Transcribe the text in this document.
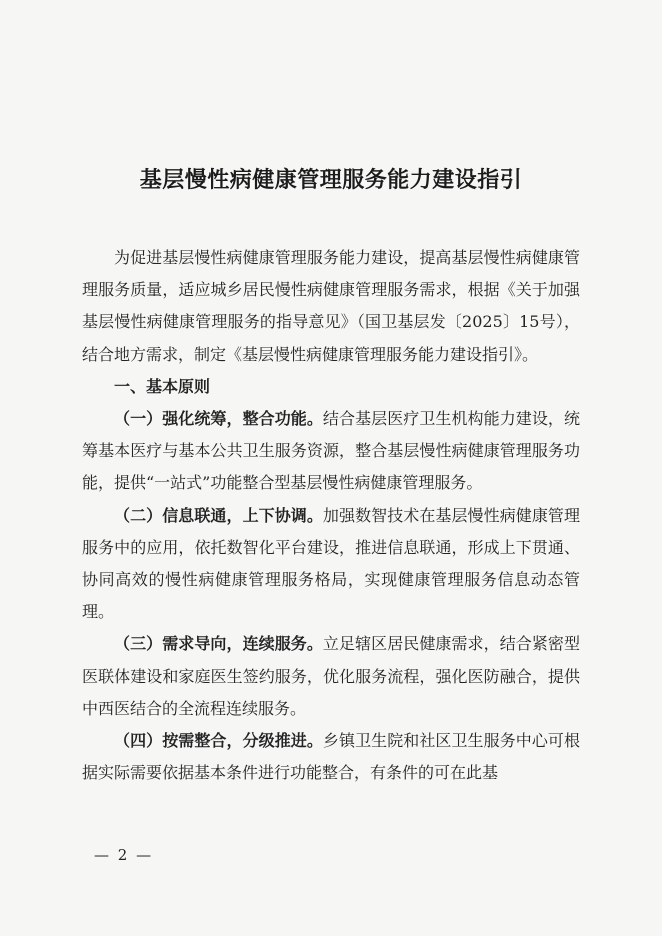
基层慢性病健康管理服务能力建设指引

为促进基层慢性病健康管理服务能力建设，提高基层慢性病健康管理服务质量，适应城乡居民慢性病健康管理服务需求，根据《关于加强基层慢性病健康管理服务的指导意见》（国卫基层发〔2025〕15号），结合地方需求，制定《基层慢性病健康管理服务能力建设指引》。

一、基本原则

（一）强化统筹，整合功能。结合基层医疗卫生机构能力建设，统筹基本医疗与基本公共卫生服务资源，整合基层慢性病健康管理服务功能，提供“一站式”功能整合型基层慢性病健康管理服务。

（二）信息联通，上下协调。加强数智技术在基层慢性病健康管理服务中的应用，依托数智化平台建设，推进信息联通，形成上下贯通、协同高效的慢性病健康管理服务格局，实现健康管理服务信息动态管理。

（三）需求导向，连续服务。立足辖区居民健康需求，结合紧密型医联体建设和家庭医生签约服务，优化服务流程，强化医防融合，提供中西医结合的全流程连续服务。

（四）按需整合，分级推进。乡镇卫生院和社区卫生服务中心可根据实际需要依据基本条件进行功能整合，有条件的可在此基

— 2 —
